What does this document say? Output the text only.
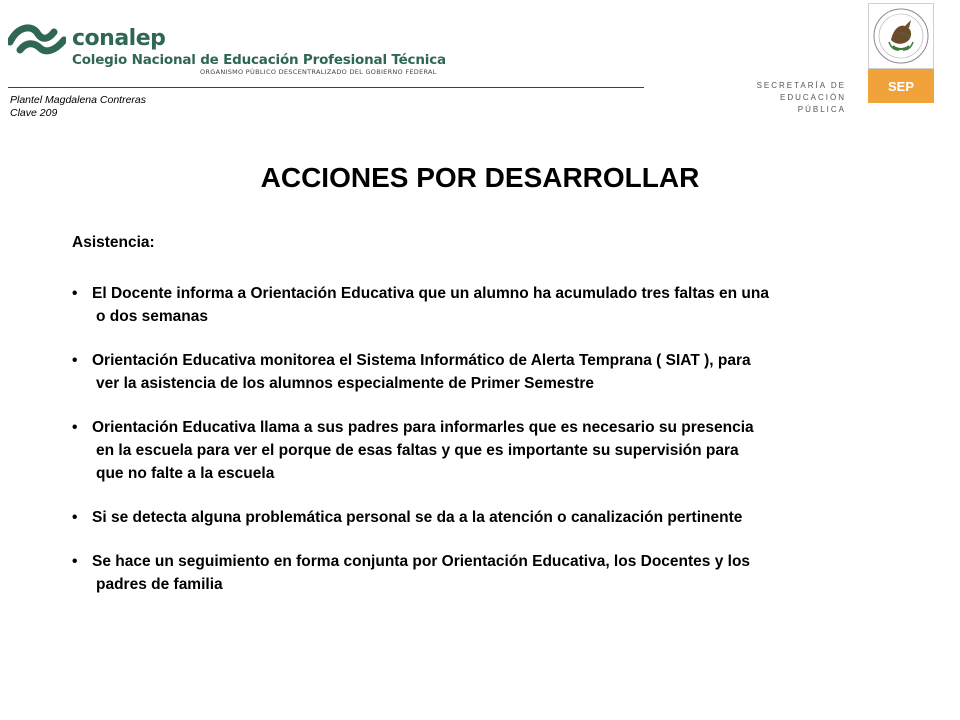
conalep
Colegio Nacional de Educación Profesional Técnica
ORGANISMO PÚBLICO DESCENTRALIZADO DEL GOBIERNO FEDERAL
Plantel Magdalena Contreras
Clave 209
SECRETARÍA DE
EDUCACIÓN PÚBLICA
SEP
ACCIONES POR DESARROLLAR
Asistencia:
• El Docente informa a Orientación Educativa que un alumno ha acumulado tres faltas en una
o dos semanas
• Orientación Educativa monitorea el Sistema Informático de Alerta Temprana ( SIAT ), para
ver la asistencia de los alumnos especialmente de Primer Semestre
• Orientación Educativa llama a sus padres para informarles que es necesario su presencia
en la escuela para ver el porque de esas faltas y que es importante su supervisión para
que no falte a la escuela
• Si se detecta alguna problemática personal se da a la atención o canalización pertinente
• Se hace un seguimiento en forma conjunta por Orientación Educativa, los Docentes y los
padres de familia
